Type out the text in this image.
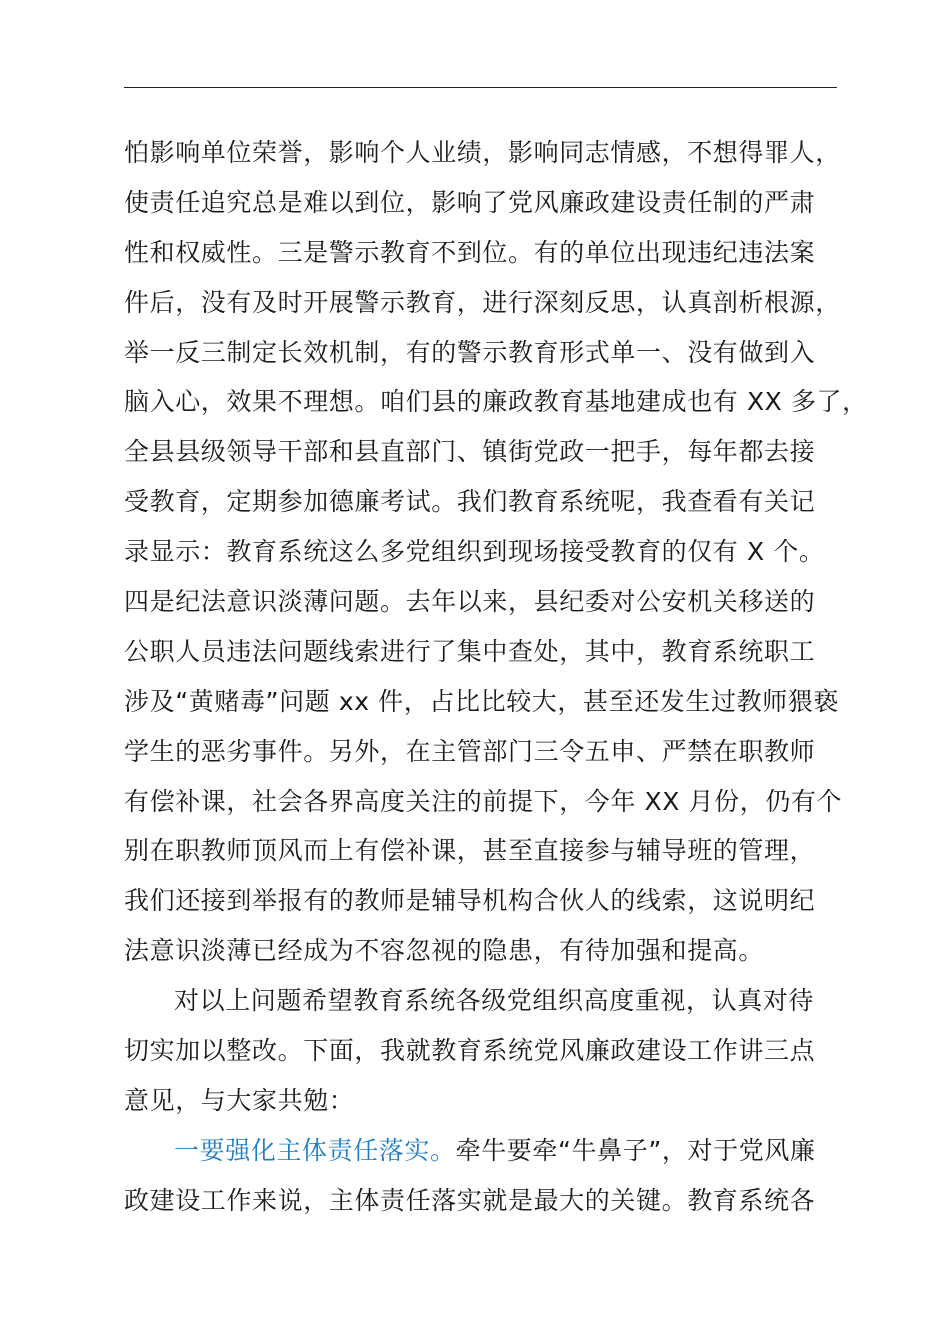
怕影响单位荣誉，影响个人业绩，影响同志情感，不想得罪人，
使责任追究总是难以到位，影响了党风廉政建设责任制的严肃
性和权威性。三是警示教育不到位。有的单位出现违纪违法案
件后，没有及时开展警示教育，进行深刻反思，认真剖析根源，
举一反三制定长效机制，有的警示教育形式单一、没有做到入
脑入心，效果不理想。咱们县的廉政教育基地建成也有 XX 多了，
全县县级领导干部和县直部门、镇街党政一把手，每年都去接
受教育，定期参加德廉考试。我们教育系统呢，我查看有关记
录显示：教育系统这么多党组织到现场接受教育的仅有 X 个。
四是纪法意识淡薄问题。去年以来，县纪委对公安机关移送的
公职人员违法问题线索进行了集中查处，其中，教育系统职工
涉及“黄赌毒”问题 xx 件，占比比较大，甚至还发生过教师猥亵
学生的恶劣事件。另外，在主管部门三令五申、严禁在职教师
有偿补课，社会各界高度关注的前提下，今年 XX 月份，仍有个
别在职教师顶风而上有偿补课，甚至直接参与辅导班的管理，
我们还接到举报有的教师是辅导机构合伙人的线索，这说明纪
法意识淡薄已经成为不容忽视的隐患，有待加强和提高。
对以上问题希望教育系统各级党组织高度重视，认真对待
切实加以整改。下面，我就教育系统党风廉政建设工作讲三点
意见，与大家共勉：
一要强化主体责任落实。牵牛要牵“牛鼻子”，对于党风廉
政建设工作来说，主体责任落实就是最大的关键。教育系统各
